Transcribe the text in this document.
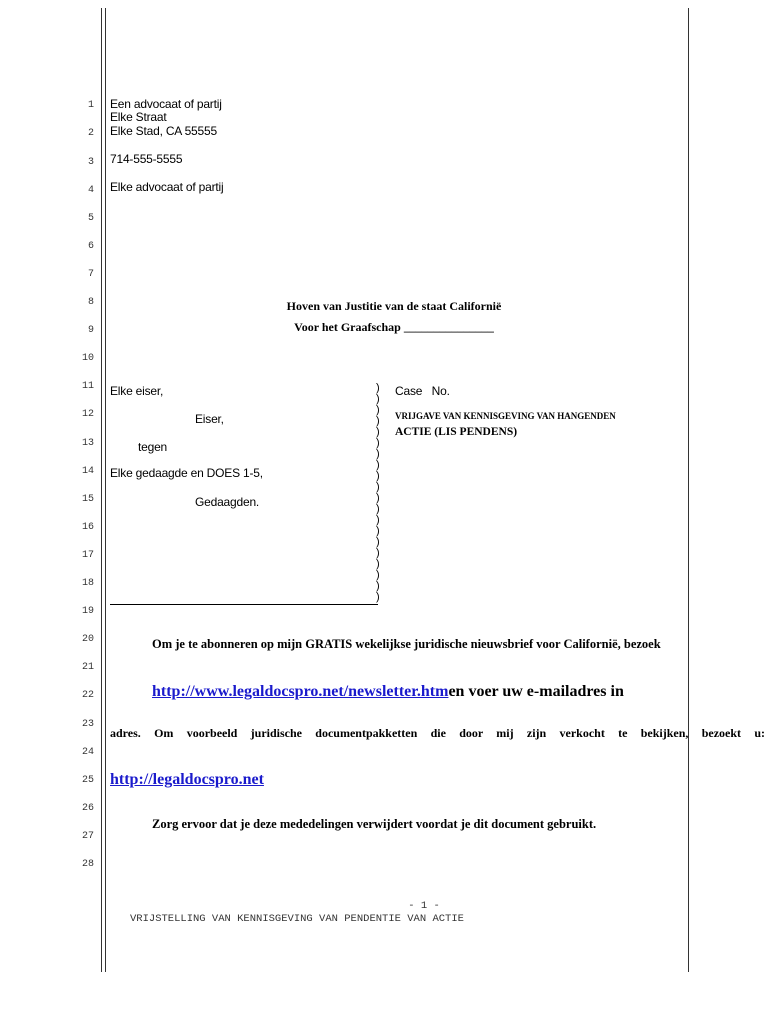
1
2
3
4
5
6
7
8
9
10
11
12
13
14
15
16
17
18
19
20
21
22
23
24
25
26
27
28
Een advocaat of partij
Elke Straat
Elke Stad, CA 55555
714-555-5555
Elke advocaat of partij
Hoven van Justitie van de staat Californië
Voor het Graafschap _______________
Elke eiser,
Eiser,
tegen
Elke gedaagde en DOES 1-5,
Gedaagden.
)
)
)
)
)
)
)
)
)
)
)
)
)
)
)
)
)
)
)
)
Case No.
VRIJGAVE VAN KENNISGEVING VAN HANGENDEN
ACTIE (LIS PENDENS)
Om je te abonneren op mijn GRATIS wekelijkse juridische nieuwsbrief voor Californië, bezoek
http://www.legaldocspro.net/newsletter.htmen voer uw e-mailadres in
adres. Om voorbeeld juridische documentpakketten die door mij zijn verkocht te bekijken, bezoekt u:
http://legaldocspro.net
Zorg ervoor dat je deze mededelingen verwijdert voordat je dit document gebruikt.
- 1 -
VRIJSTELLING VAN KENNISGEVING VAN PENDENTIE VAN ACTIE
